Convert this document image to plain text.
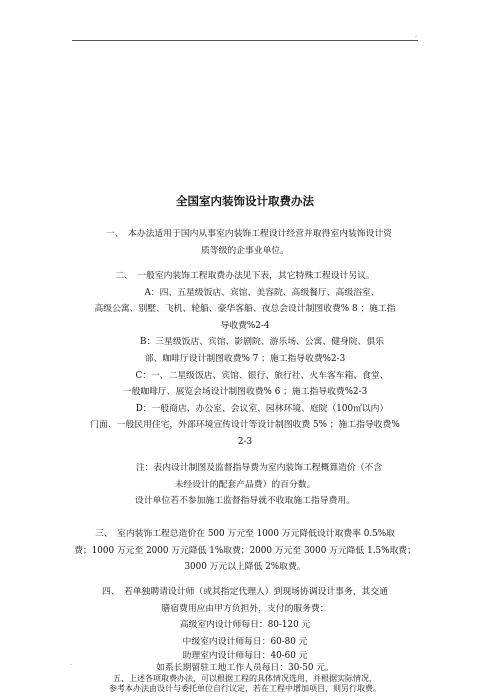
.
全国室内装饰设计取费办法
一、　本办法适用于国内从事室内装饰工程设计经营并取得室内装饰设计资
质等级的企事业单位。
二、　一般室内装饰工程取费办法见下表，其它特殊工程设计另议。
A：四、五星级饭店、宾馆、美容院、高级餐厅、高级浴室、
高级公寓、别墅、飞机、轮船、豪华客船、夜总会设计制图收费% 8 ；施工指
导收费%2-4
B：三星级饭店、宾馆、影剧院、游乐场、公寓、健身院、俱乐
部、咖啡厅设计制图收费% 7 ；施工指导收费%2-3
C：一、二星级饭店、宾馆、银行、旅行社、火车客车箱、食堂、
一般咖啡厅、展览会场设计制图收费% 6 ；施工指导收费%2-3
D：一般商店、办公室、会议室、园林环境、庭院（100㎡以内）
门面、一般民用住宅，外部环境宣传设计等设计制图收费 5% ；施工指导收费%
2-3
注：表内设计制图及监督指导费为室内装饰工程概算造价（不含
未经设计的配套产品费）的百分数。
设计单位若不参加施工监督指导就不收取施工指导费用。
三、　室内装饰工程总造价在 500 万元至 1000 万元降低设计取费率 0.5%取
费；1000 万元至 2000 万元降低 1%取费；2000 万元至 3000 万元降低 1.5%取费；
3000 万元以上降低 2%取费。
四、　若单独聘请设计师（或其指定代理人）到现场协调设计事务，其交通
膳宿费用应由甲方负担外，支付的服务费：
高级室内设计师每日：80-120 元
中级室内设计师每日：60-80 元
助理室内设计师每日：40-60 元
如系长期留驻工地工作人员每日：30-50 元。
五、上述各项取费办法，可以根据工程的具体情况选用，并根据实际情况，
参考本办法由设计与委托单位自行议定，若在工程中增加项目，则另行取费。
.
